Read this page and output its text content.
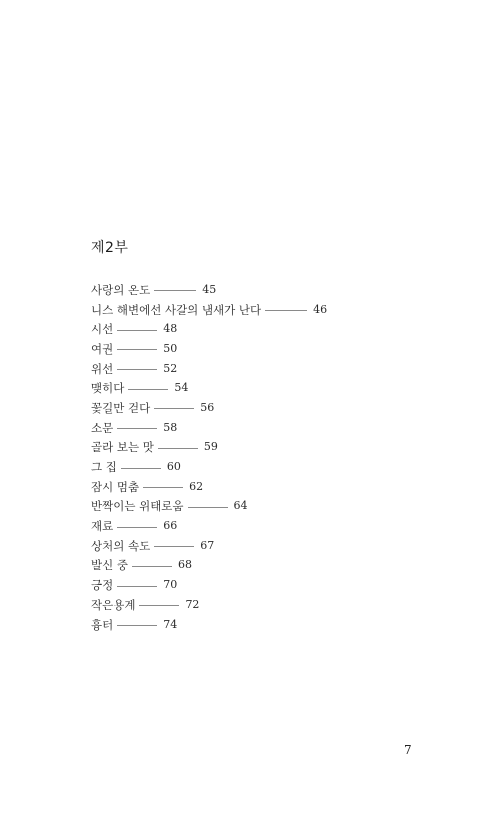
제2부
사랑의 온도	45
니스 해변에선 사갈의 냄새가 난다	46
시선	48
여권	50
위선	52
맺히다	54
꽃길만 걷다	56
소문	58
골라 보는 맛	59
그 집	60
잠시 멈춤	62
반짝이는 위태로움	64
재료	66
상처의 속도	67
발신 중	68
긍정	70
작은용계	72
흉터	74
7
